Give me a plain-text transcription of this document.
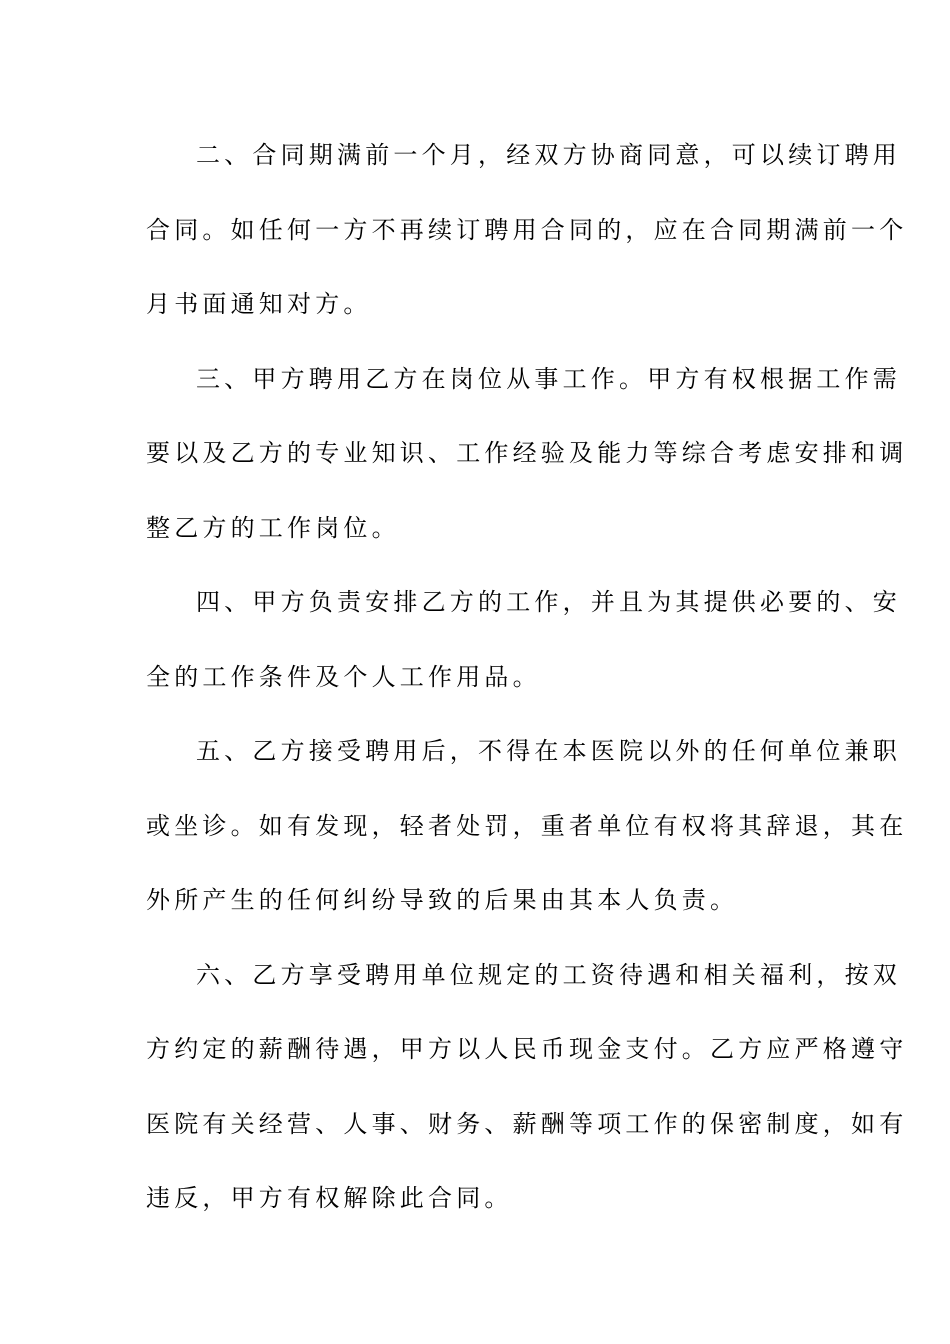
二、合同期满前一个月，经双方协商同意，可以续订聘用
合同。如任何一方不再续订聘用合同的，应在合同期满前一个
月书面通知对方。
三、甲方聘用乙方在岗位从事工作。甲方有权根据工作需
要以及乙方的专业知识、工作经验及能力等综合考虑安排和调
整乙方的工作岗位。
四、甲方负责安排乙方的工作，并且为其提供必要的、安
全的工作条件及个人工作用品。
五、乙方接受聘用后，不得在本医院以外的任何单位兼职
或坐诊。如有发现，轻者处罚，重者单位有权将其辞退，其在
外所产生的任何纠纷导致的后果由其本人负责。
六、乙方享受聘用单位规定的工资待遇和相关福利，按双
方约定的薪酬待遇，甲方以人民币现金支付。乙方应严格遵守
医院有关经营、人事、财务、薪酬等项工作的保密制度，如有
违反，甲方有权解除此合同。
